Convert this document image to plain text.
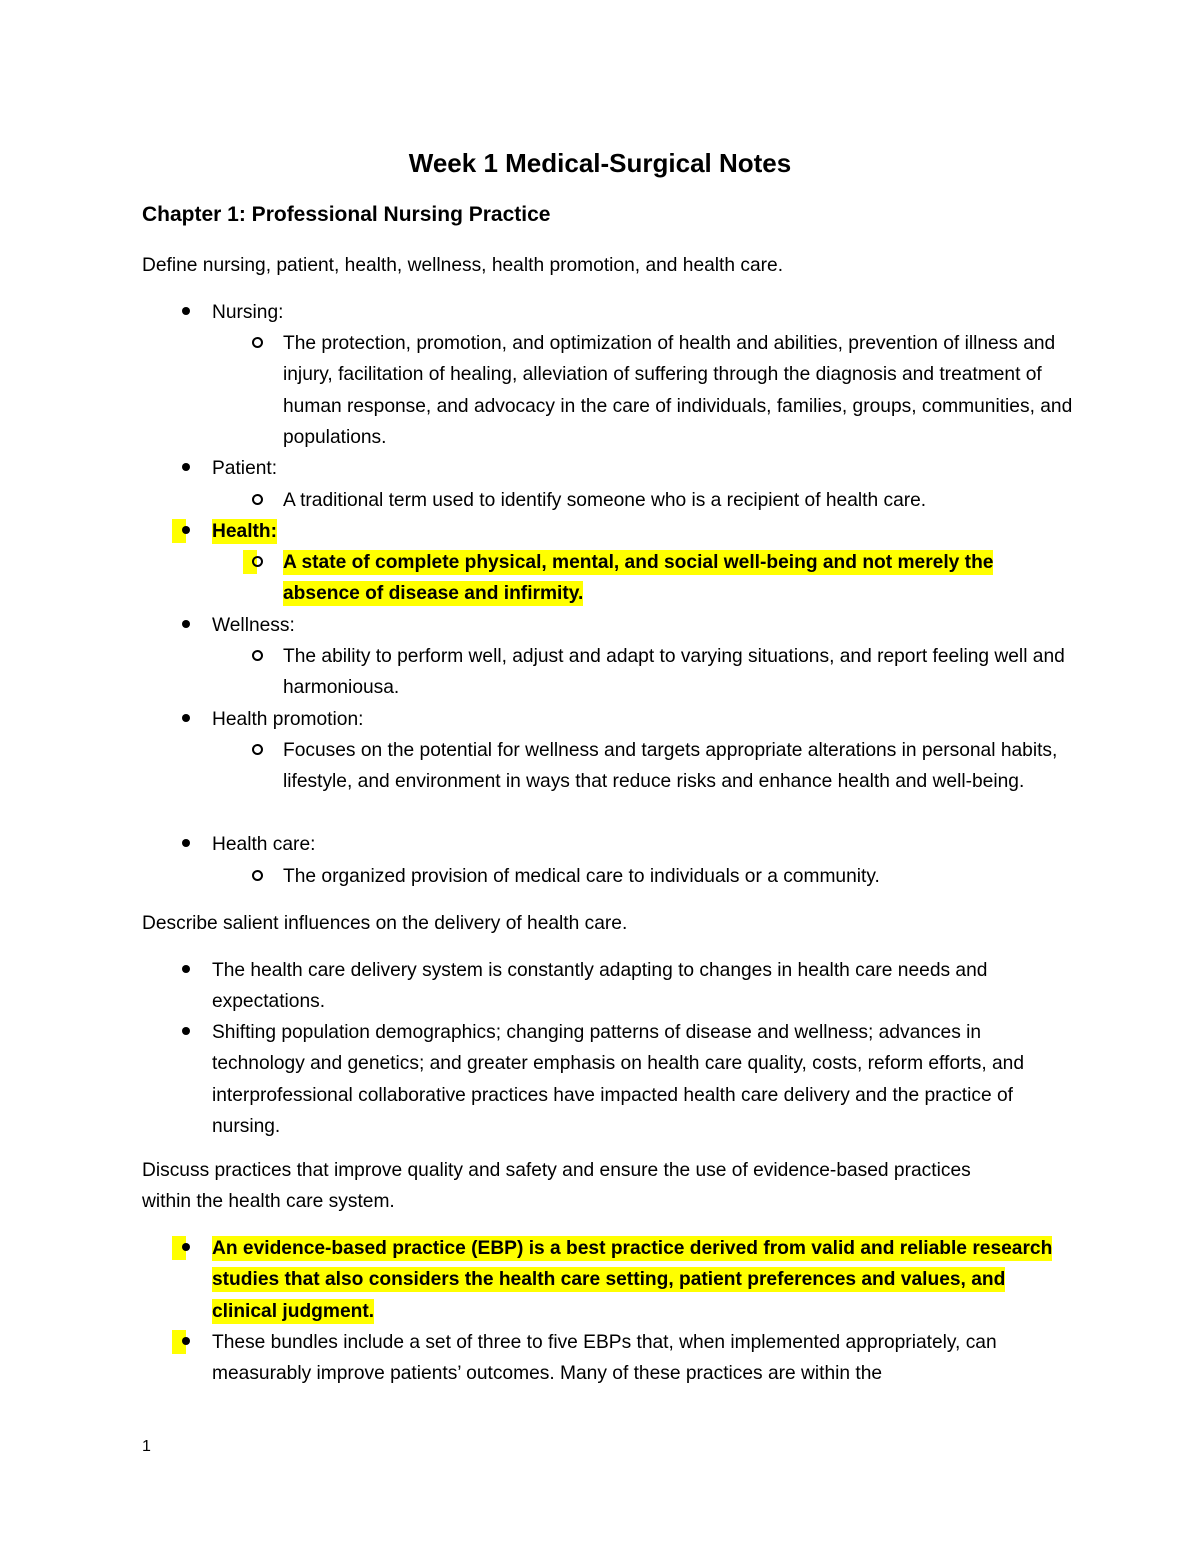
Week 1 Medical-Surgical Notes
Chapter 1: Professional Nursing Practice

Define nursing, patient, health, wellness, health promotion, and health care.

Nursing:
The protection, promotion, and optimization of health and abilities, prevention of illness and injury, facilitation of healing, alleviation of suffering through the diagnosis and treatment of human response, and advocacy in the care of individuals, families, groups, communities, and populations.
Patient:
A traditional term used to identify someone who is a recipient of health care.
Health:
A state of complete physical, mental, and social well-being and not merely the absence of disease and infirmity.
Wellness:
The ability to perform well, adjust and adapt to varying situations, and report feeling well and harmoniousa.
Health promotion:
Focuses on the potential for wellness and targets appropriate alterations in personal habits, lifestyle, and environment in ways that reduce risks and enhance health and well-being.
Health care:
The organized provision of medical care to individuals or a community.

Describe salient influences on the delivery of health care.

The health care delivery system is constantly adapting to changes in health care needs and expectations.
Shifting population demographics; changing patterns of disease and wellness; advances in technology and genetics; and greater emphasis on health care quality, costs, reform efforts, and interprofessional collaborative practices have impacted health care delivery and the practice of nursing.

Discuss practices that improve quality and safety and ensure the use of evidence-based practices within the health care system.

An evidence-based practice (EBP) is a best practice derived from valid and reliable research studies that also considers the health care setting, patient preferences and values, and clinical judgment.
These bundles include a set of three to five EBPs that, when implemented appropriately, can measurably improve patients’ outcomes. Many of these practices are within the
1
